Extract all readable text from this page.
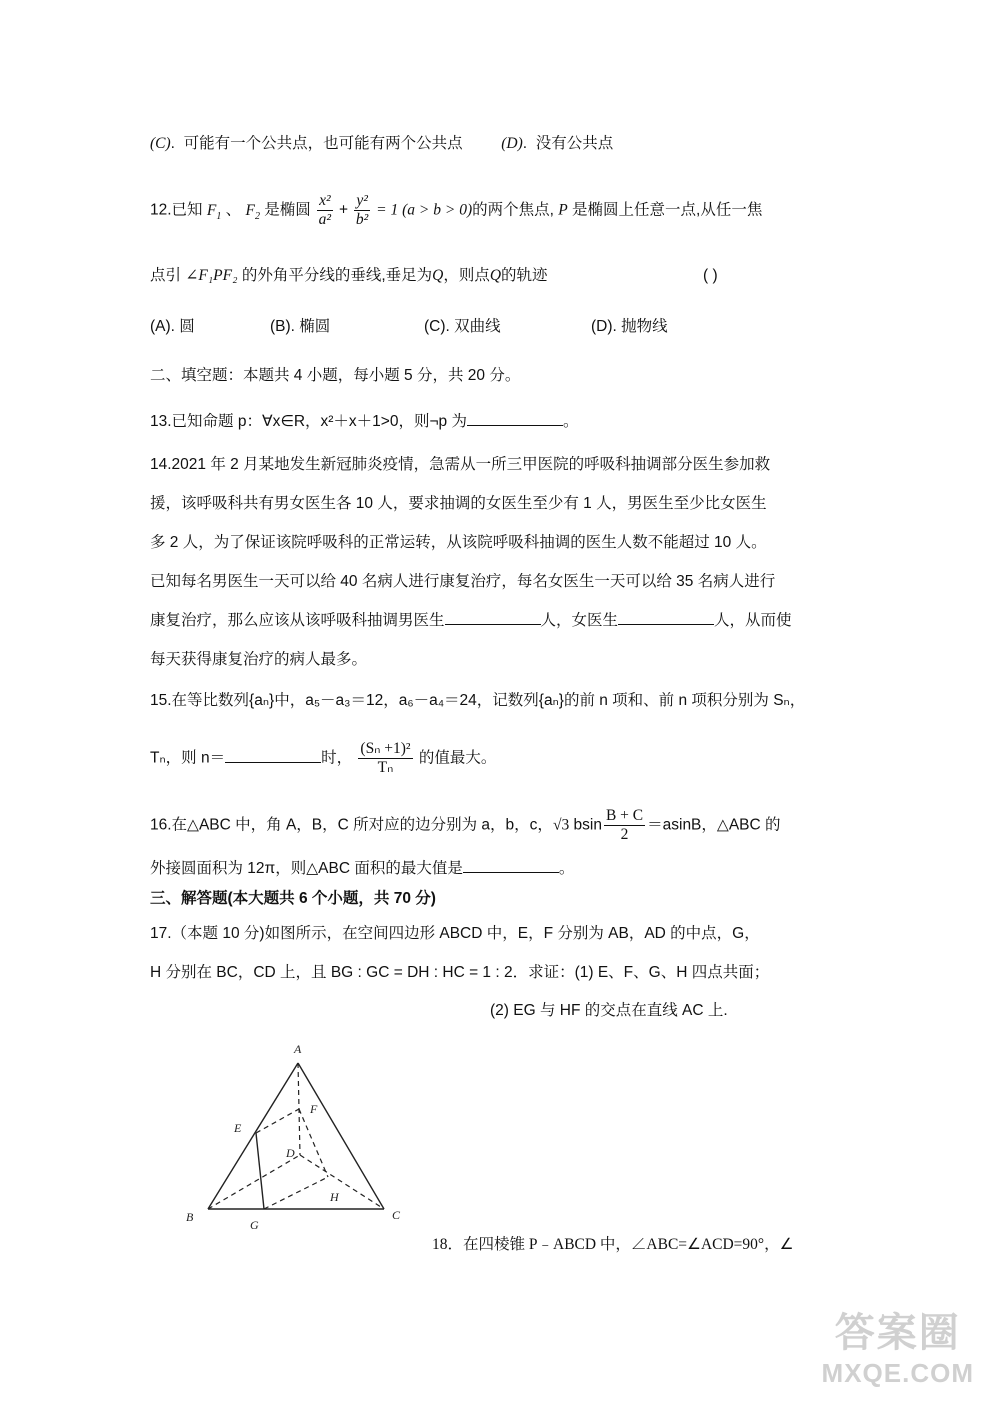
(C).  可能有一个公共点，也可能有两个公共点 (D).  没有公共点
12.已知 $F_1$ 、 $F_2$ 是椭圆 $\frac{\text{x²}}{\text{a²}} + \frac{\text{y²}}{\text{b²}} = 1$ (a > b > 0)的两个焦点, P 是椭圆上任意一点,从任一焦
点引 ∠F₁PF₂ 的外角平分线的垂线,垂足为Q，则点Q的轨迹	( )
(A). 圆	(B). 椭圆	(C). 双曲线	(D). 抛物线
二、填空题：本题共 4 小题，每小题 5 分，共 20 分。
13.已知命题 p：∀x∈R，x²＋x＋1>0，则¬p 为	。
14.2021 年 2 月某地发生新冠肺炎疫情，急需从一所三甲医院的呼吸科抽调部分医生参加救
援，该呼吸科共有男女医生各 10 人，要求抽调的女医生至少有 1 人，男医生至少比女医生
多 2 人，为了保证该院呼吸科的正常运转，从该院呼吸科抽调的医生人数不能超过 10 人。
已知每名男医生一天可以给 40 名病人进行康复治疗，每名女医生一天可以给 35 名病人进行
康复治疗，那么应该从该呼吸科抽调男医生	人，女医生	人，从而使
每天获得康复治疗的病人最多。
15.在等比数列{aₙ}中，a₅－a₃＝12，a₆－a₄＝24，记数列{aₙ}的前 n 项和、前 n 项积分别为 Sₙ，
Tₙ，则 n＝	时， $\frac{\text{(Sₙ +1)²}}{\text{Tₙ}}$ 的值最大。
16.在△ABC 中，角 A，B，C 所对应的边分别为 a，b，c，√3 bsin $\frac{B + C}{2} =asinB$，△ABC 的
外接圆面积为 12π，则△ABC 面积的最大值是	。
三、解答题(本大题共 6 个小题，共 70 分)
17.（本题 10 分)如图所示，在空间四边形 ABCD 中，E，F 分别为 AB，AD 的中点，G，
H 分别在 BC，CD 上，且 BG : GC = DH : HC = 1 : 2．求证：(1) E、F、G、H 四点共面；
(2) EG 与 HF 的交点在直线 AC 上.
A
B	C
D
E
F
G
H
18．在四棱锥 P﹣ABCD 中，∠ABC=∠ACD=90°，∠
答案圈
MXQE.COM
